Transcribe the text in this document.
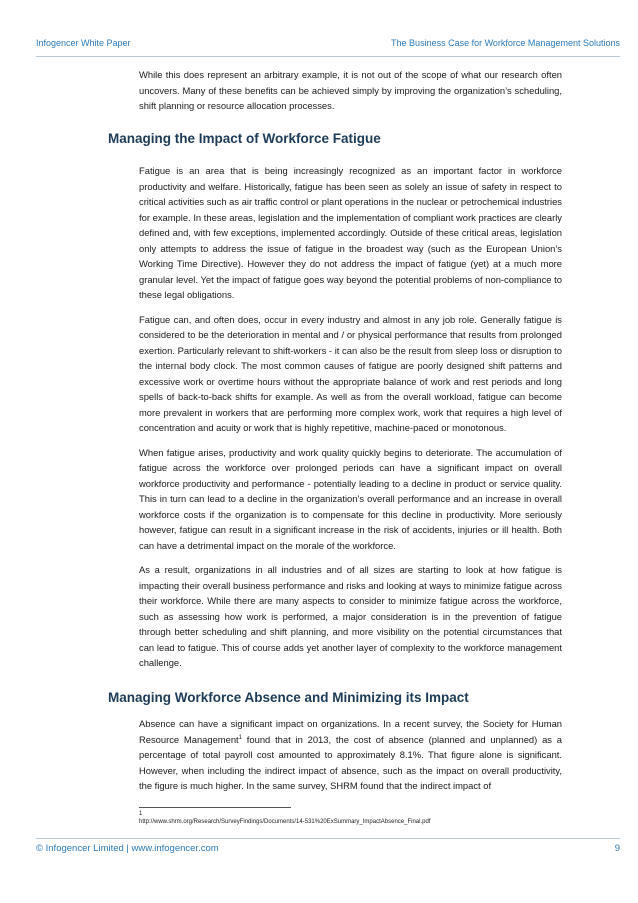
Infogencer White Paper	The Business Case for Workforce Management Solutions

While this does represent an arbitrary example, it is not out of the scope of what our research often uncovers. Many of these benefits can be achieved simply by improving the organization’s scheduling, shift planning or resource allocation processes.

Managing the Impact of Workforce Fatigue

Fatigue is an area that is being increasingly recognized as an important factor in workforce productivity and welfare. Historically, fatigue has been seen as solely an issue of safety in respect to critical activities such as air traffic control or plant operations in the nuclear or petrochemical industries for example. In these areas, legislation and the implementation of compliant work practices are clearly defined and, with few exceptions, implemented accordingly. Outside of these critical areas, legislation only attempts to address the issue of fatigue in the broadest way (such as the European Union’s Working Time Directive). However they do not address the impact of fatigue (yet) at a much more granular level. Yet the impact of fatigue goes way beyond the potential problems of non-compliance to these legal obligations.

Fatigue can, and often does, occur in every industry and almost in any job role. Generally fatigue is considered to be the deterioration in mental and / or physical performance that results from prolonged exertion. Particularly relevant to shift-workers - it can also be the result from sleep loss or disruption to the internal body clock. The most common causes of fatigue are poorly designed shift patterns and excessive work or overtime hours without the appropriate balance of work and rest periods and long spells of back-to-back shifts for example. As well as from the overall workload, fatigue can become more prevalent in workers that are performing more complex work, work that requires a high level of concentration and acuity or work that is highly repetitive, machine-paced or monotonous.

When fatigue arises, productivity and work quality quickly begins to deteriorate. The accumulation of fatigue across the workforce over prolonged periods can have a significant impact on overall workforce productivity and performance - potentially leading to a decline in product or service quality. This in turn can lead to a decline in the organization’s overall performance and an increase in overall workforce costs if the organization is to compensate for this decline in productivity. More seriously however, fatigue can result in a significant increase in the risk of accidents, injuries or ill health. Both can have a detrimental impact on the morale of the workforce.

As a result, organizations in all industries and of all sizes are starting to look at how fatigue is impacting their overall business performance and risks and looking at ways to minimize fatigue across their workforce. While there are many aspects to consider to minimize fatigue across the workforce, such as assessing how work is performed, a major consideration is in the prevention of fatigue through better scheduling and shift planning, and more visibility on the potential circumstances that can lead to fatigue. This of course adds yet another layer of complexity to the workforce management challenge.

Managing Workforce Absence and Minimizing its Impact

Absence can have a significant impact on organizations. In a recent survey, the Society for Human Resource Management$^1$ found that in 2013, the cost of absence (planned and unplanned) as a percentage of total payroll cost amounted to approximately 8.1%. That figure alone is significant. However, when including the indirect impact of absence, such as the impact on overall productivity, the figure is much higher. In the same survey, SHRM found that the indirect impact of

1
http://www.shrm.org/Research/SurveyFindings/Documents/14-531%20ExSummary_ImpactAbsence_Final.pdf
© Infogencer Limited | www.infogencer.com	9
